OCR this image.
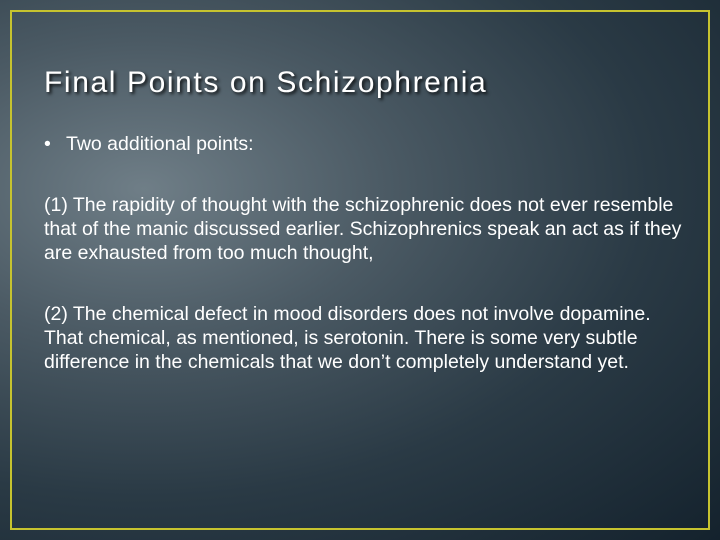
Final Points on Schizophrenia

• Two additional points:

(1) The rapidity of thought with the schizophrenic does not ever resemble that of the manic discussed earlier. Schizophrenics speak an act as if they are exhausted from too much thought,

(2) The chemical defect in mood disorders does not involve dopamine. That chemical, as mentioned, is serotonin. There is some very subtle difference in the chemicals that we don’t completely understand yet.
